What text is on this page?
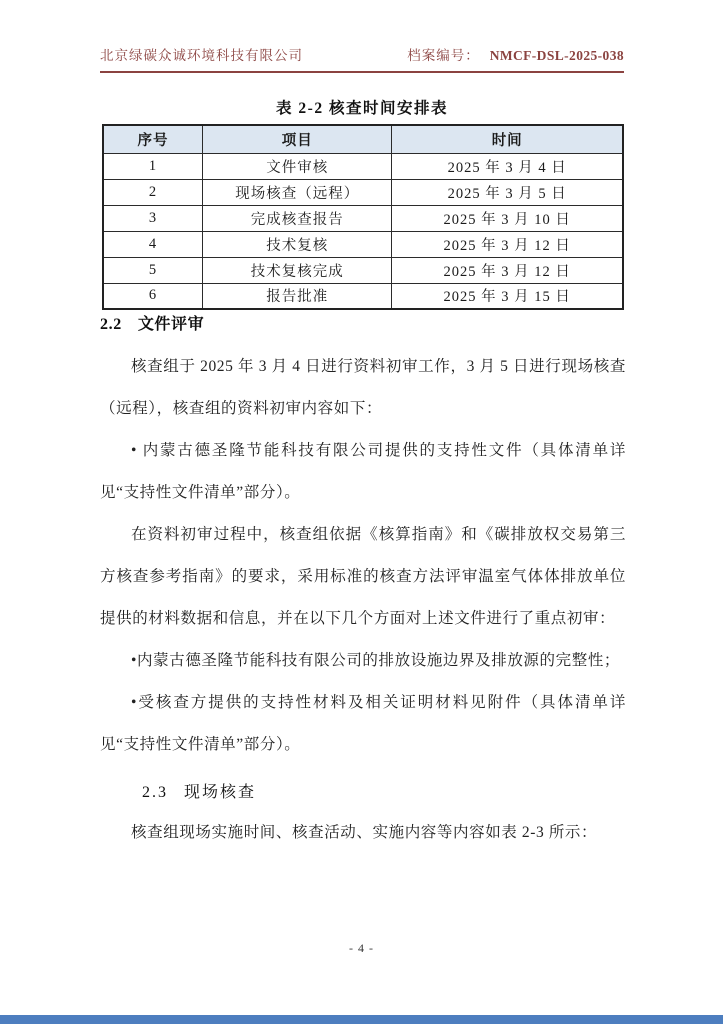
北京绿碳众诚环境科技有限公司	档案编号： NMCF-DSL-2025-038
表 2-2 核查时间安排表
序号	项目	时间
1	文件审核	2025 年 3 月 4 日
2	现场核查（远程）	2025 年 3 月 5 日
3	完成核查报告	2025 年 3 月 10 日
4	技术复核	2025 年 3 月 12 日
5	技术复核完成	2025 年 3 月 12 日
6	报告批准	2025 年 3 月 15 日
2.2 文件评审

核查组于 2025 年 3 月 4 日进行资料初审工作，3 月 5 日进行现场核查（远程），核查组的资料初审内容如下：

• 内蒙古德圣隆节能科技有限公司提供的支持性文件（具体清单详见“支持性文件清单”部分）。

在资料初审过程中，核查组依据《核算指南》和《碳排放权交易第三方核查参考指南》的要求，采用标准的核查方法评审温室气体体排放单位提供的材料数据和信息，并在以下几个方面对上述文件进行了重点初审：

•内蒙古德圣隆节能科技有限公司的排放设施边界及排放源的完整性；

•受核查方提供的支持性材料及相关证明材料见附件（具体清单详见“支持性文件清单”部分）。

2.3 现场核查

核查组现场实施时间、核查活动、实施内容等内容如表 2-3 所示：

- 4 -
